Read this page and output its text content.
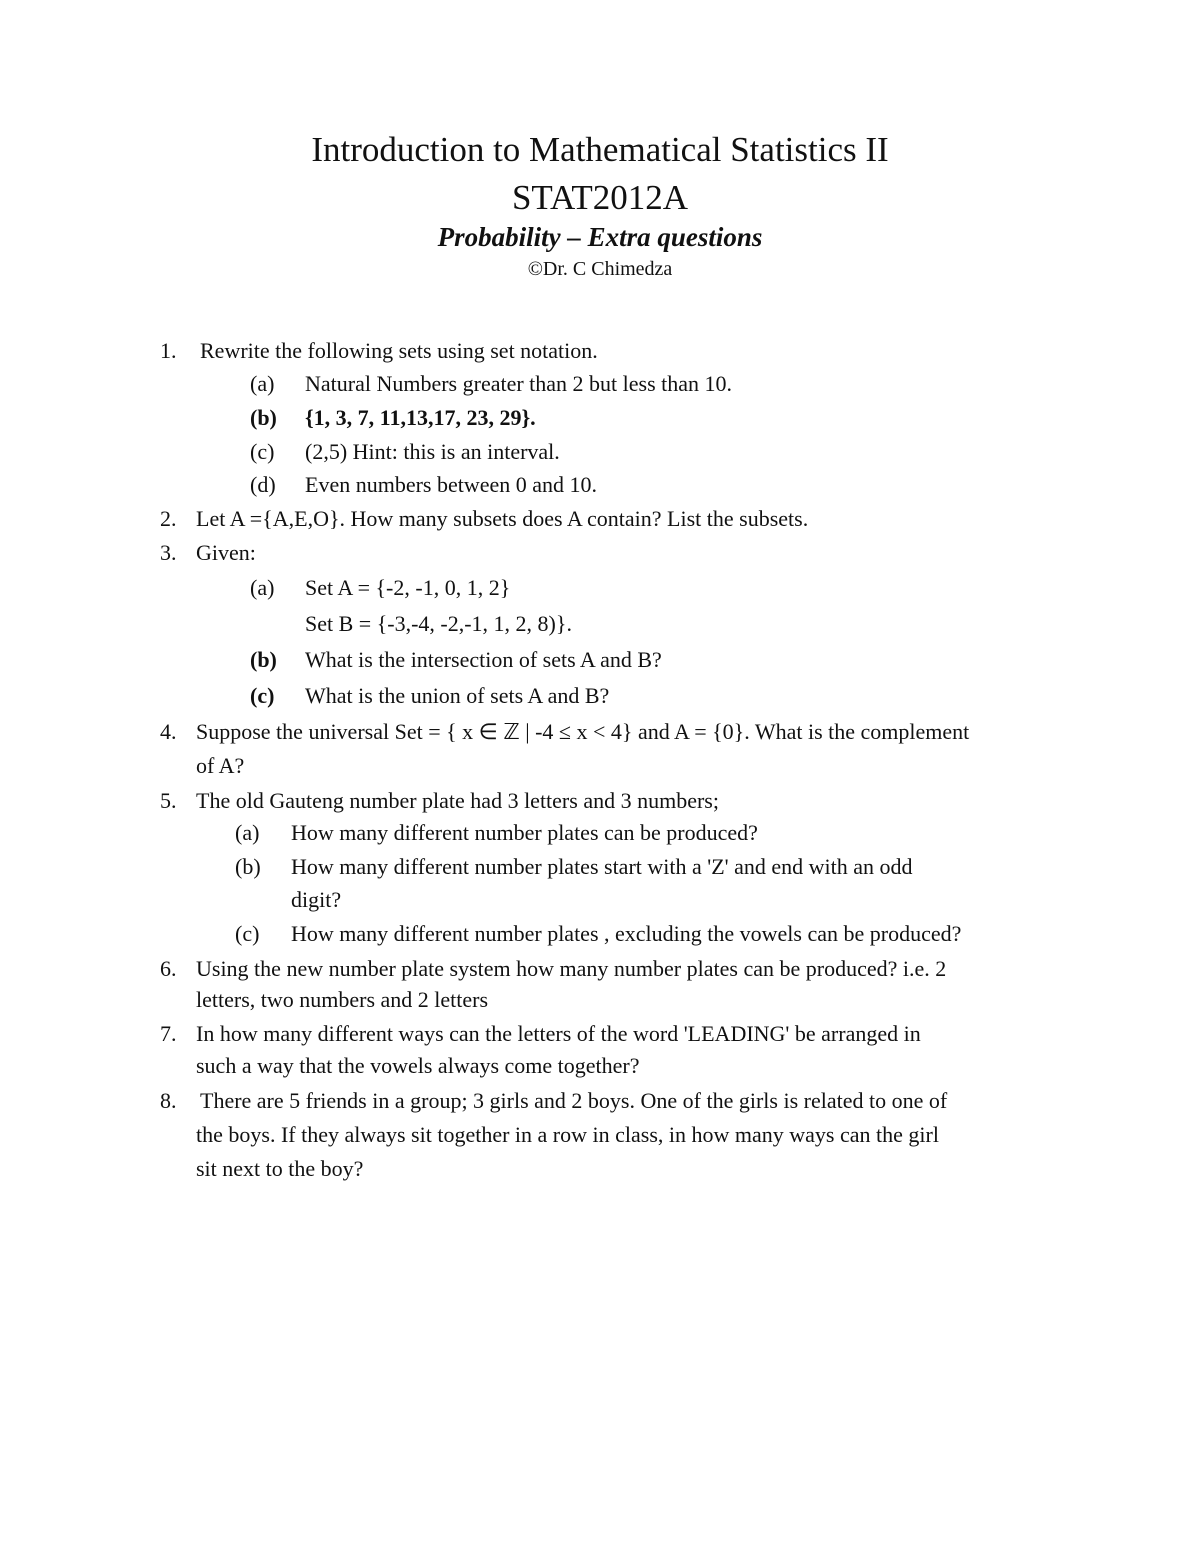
Introduction to Mathematical Statistics II
STAT2012A
Probability – Extra questions
©Dr. C Chimedza
1. Rewrite the following sets using set notation.
(a) Natural Numbers greater than 2 but less than 10.
(b) {1, 3, 7, 11,13,17, 23, 29}.
(c) (2,5) Hint: this is an interval.
(d) Even numbers between 0 and 10.
2. Let A ={A,E,O}. How many subsets does A contain? List the subsets.
3. Given:
(a) Set A = {-2, -1, 0, 1, 2}
Set B = {-3,-4, -2,-1, 1, 2, 8)}.
(b) What is the intersection of sets A and B?
(c) What is the union of sets A and B?
4. Suppose the universal Set = { x ∈ ℤ | -4 ≤ x < 4} and A = {0}. What is the complement
of A?
5. The old Gauteng number plate had 3 letters and 3 numbers;
(a) How many different number plates can be produced?
(b) How many different number plates start with a 'Z' and end with an odd
digit?
(c) How many different number plates , excluding the vowels can be produced?
6. Using the new number plate system how many number plates can be produced? i.e. 2
letters, two numbers and 2 letters
7. In how many different ways can the letters of the word 'LEADING' be arranged in
such a way that the vowels always come together?
8. There are 5 friends in a group; 3 girls and 2 boys. One of the girls is related to one of
the boys. If they always sit together in a row in class, in how many ways can the girl
sit next to the boy?
